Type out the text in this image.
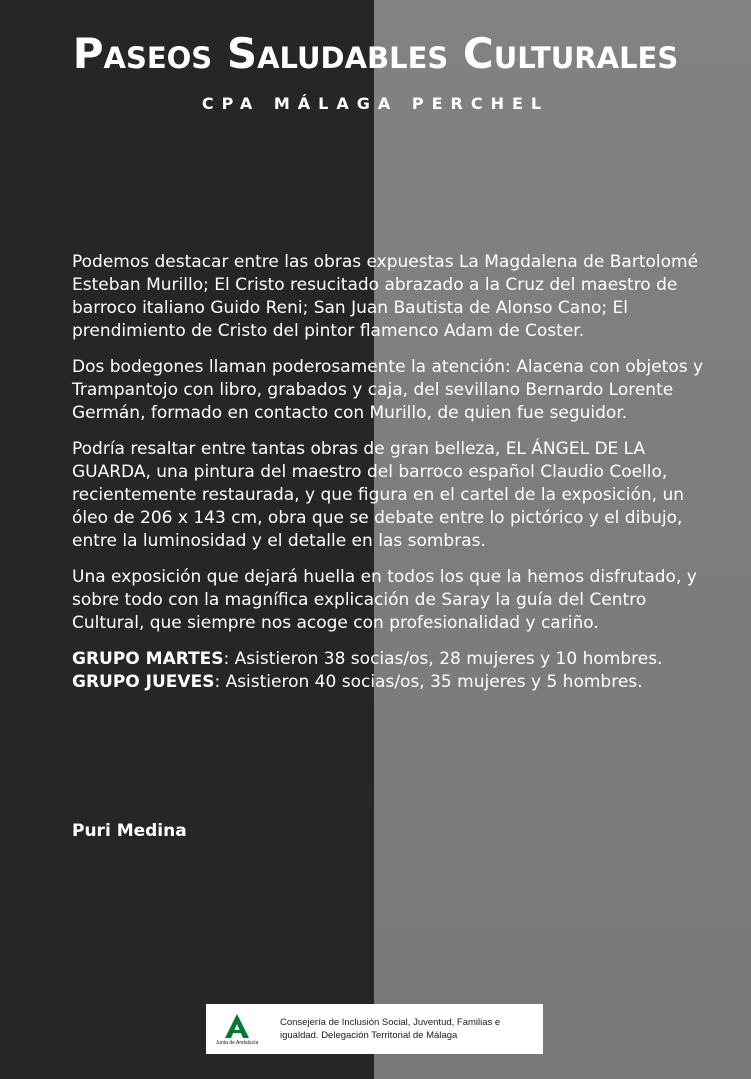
Paseos Saludables Culturales
CPA MÁLAGA PERCHEL

Podemos destacar entre las obras expuestas La Magdalena de Bartolomé Esteban Murillo; El Cristo resucitado abrazado a la Cruz del maestro de barroco italiano Guido Reni; San Juan Bautista de Alonso Cano; El prendimiento de Cristo del pintor flamenco Adam de Coster.

Dos bodegones llaman poderosamente la atención: Alacena con objetos y Trampantojo con libro, grabados y caja, del sevillano Bernardo Lorente Germán, formado en contacto con Murillo, de quien fue seguidor.

Podría resaltar entre tantas obras de gran belleza, EL ÁNGEL DE LA GUARDA, una pintura del maestro del barroco español Claudio Coello, recientemente restaurada, y que figura en el cartel de la exposición, un óleo de 206 x 143 cm, obra que se debate entre lo pictórico y el dibujo, entre la luminosidad y el detalle en las sombras.

Una exposición que dejará huella en todos los que la hemos disfrutado, y sobre todo con la magnífica explicación de Saray la guía del Centro Cultural, que siempre nos acoge con profesionalidad y cariño.

GRUPO MARTES: Asistieron 38 socias/os, 28 mujeres y 10 hombres.
GRUPO JUEVES: Asistieron 40 socias/os, 35 mujeres y 5 hombres.
Puri Medina
Junta de Andalucía
Consejería de Inclusión Social, Juventud, Familias e
igualdad. Delegación Territorial de Málaga
